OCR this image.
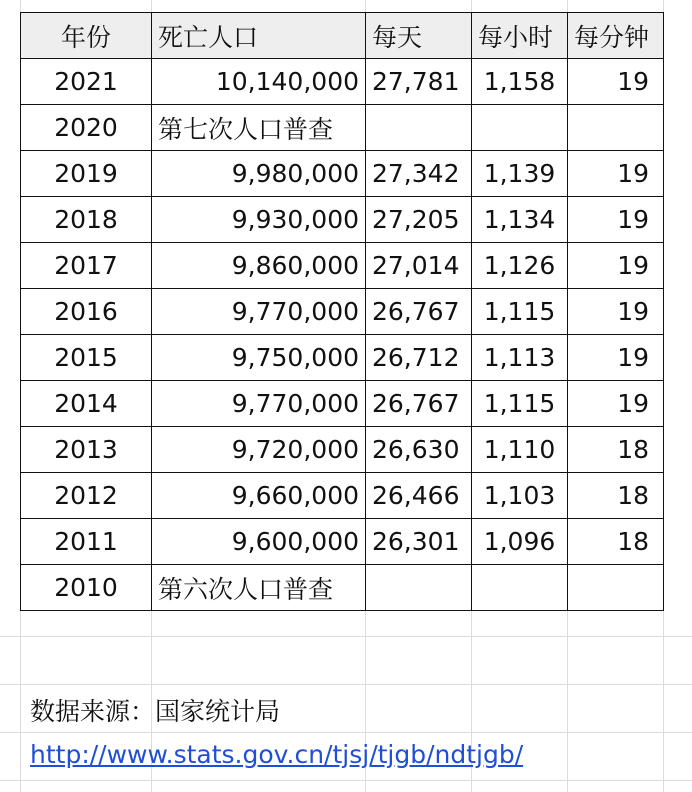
年份	死亡人口	每天	每小时	每分钟
2021	10,140,000	27,781	1,158	19
2020	第七次人口普查			
2019	9,980,000	27,342	1,139	19
2018	9,930,000	27,205	1,134	19
2017	9,860,000	27,014	1,126	19
2016	9,770,000	26,767	1,115	19
2015	9,750,000	26,712	1,113	19
2014	9,770,000	26,767	1,115	19
2013	9,720,000	26,630	1,110	18
2012	9,660,000	26,466	1,103	18
2011	9,600,000	26,301	1,096	18
2010	第六次人口普查			
数据来源：国家统计局
http://www.stats.gov.cn/tjsj/tjgb/ndtjgb/
